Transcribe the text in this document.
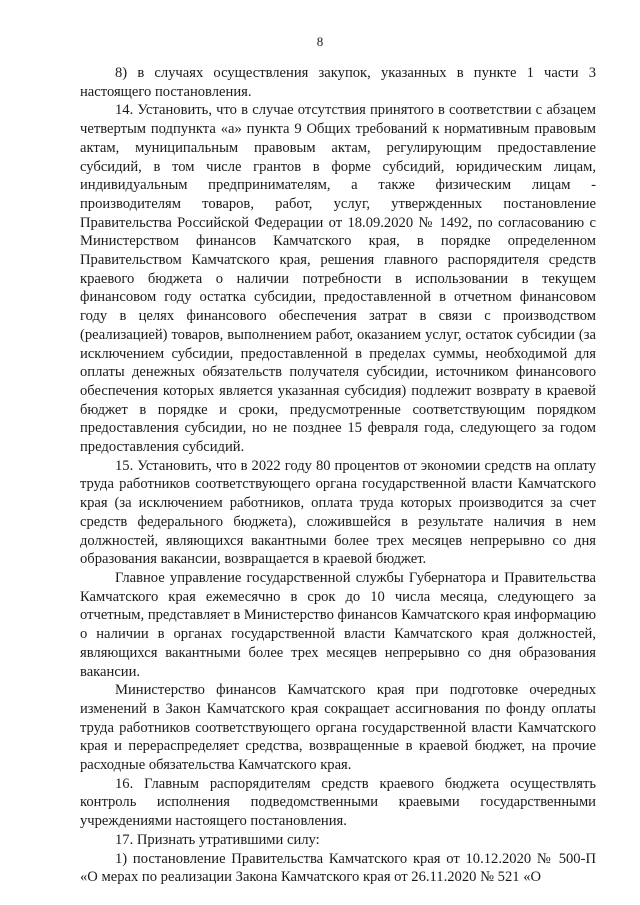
8

8) в случаях осуществления закупок, указанных в пункте 1 части 3 настоящего постановления.

14. Установить, что в случае отсутствия принятого в соответствии с абзацем четвертым подпункта «а» пункта 9 Общих требований к нормативным правовым актам, муниципальным правовым актам, регулирующим предоставление субсидий, в том числе грантов в форме субсидий, юридическим лицам, индивидуальным предпринимателям, а также физическим лицам - производителям товаров, работ, услуг, утвержденных постановление Правительства Российской Федерации от 18.09.2020 № 1492, по согласованию с Министерством финансов Камчатского края, в порядке определенном Правительством Камчатского края, решения главного распорядителя средств краевого бюджета о наличии потребности в использовании в текущем финансовом году остатка субсидии, предоставленной в отчетном финансовом году в целях финансового обеспечения затрат в связи с производством (реализацией) товаров, выполнением работ, оказанием услуг, остаток субсидии (за исключением субсидии, предоставленной в пределах суммы, необходимой для оплаты денежных обязательств получателя субсидии, источником финансового обеспечения которых является указанная субсидия) подлежит возврату в краевой бюджет в порядке и сроки, предусмотренные соответствующим порядком предоставления субсидии, но не позднее 15 февраля года, следующего за годом предоставления субсидий.

15. Установить, что в 2022 году 80 процентов от экономии средств на оплату труда работников соответствующего органа государственной власти Камчатского края (за исключением работников, оплата труда которых производится за счет средств федерального бюджета), сложившейся в результате наличия в нем должностей, являющихся вакантными более трех месяцев непрерывно со дня образования вакансии, возвращается в краевой бюджет.

Главное управление государственной службы Губернатора и Правительства Камчатского края ежемесячно в срок до 10 числа месяца, следующего за отчетным, представляет в Министерство финансов Камчатского края информацию о наличии в органах государственной власти Камчатского края должностей, являющихся вакантными более трех месяцев непрерывно со дня образования вакансии.

Министерство финансов Камчатского края при подготовке очередных изменений в Закон Камчатского края сокращает ассигнования по фонду оплаты труда работников соответствующего органа государственной власти Камчатского края и перераспределяет средства, возвращенные в краевой бюджет, на прочие расходные обязательства Камчатского края.

16. Главным распорядителям средств краевого бюджета осуществлять контроль исполнения подведомственными краевыми государственными учреждениями настоящего постановления.

17. Признать утратившими силу:

1) постановление Правительства Камчатского края от 10.12.2020 № 500-П «О мерах по реализации Закона Камчатского края от 26.11.2020 № 521 «О
